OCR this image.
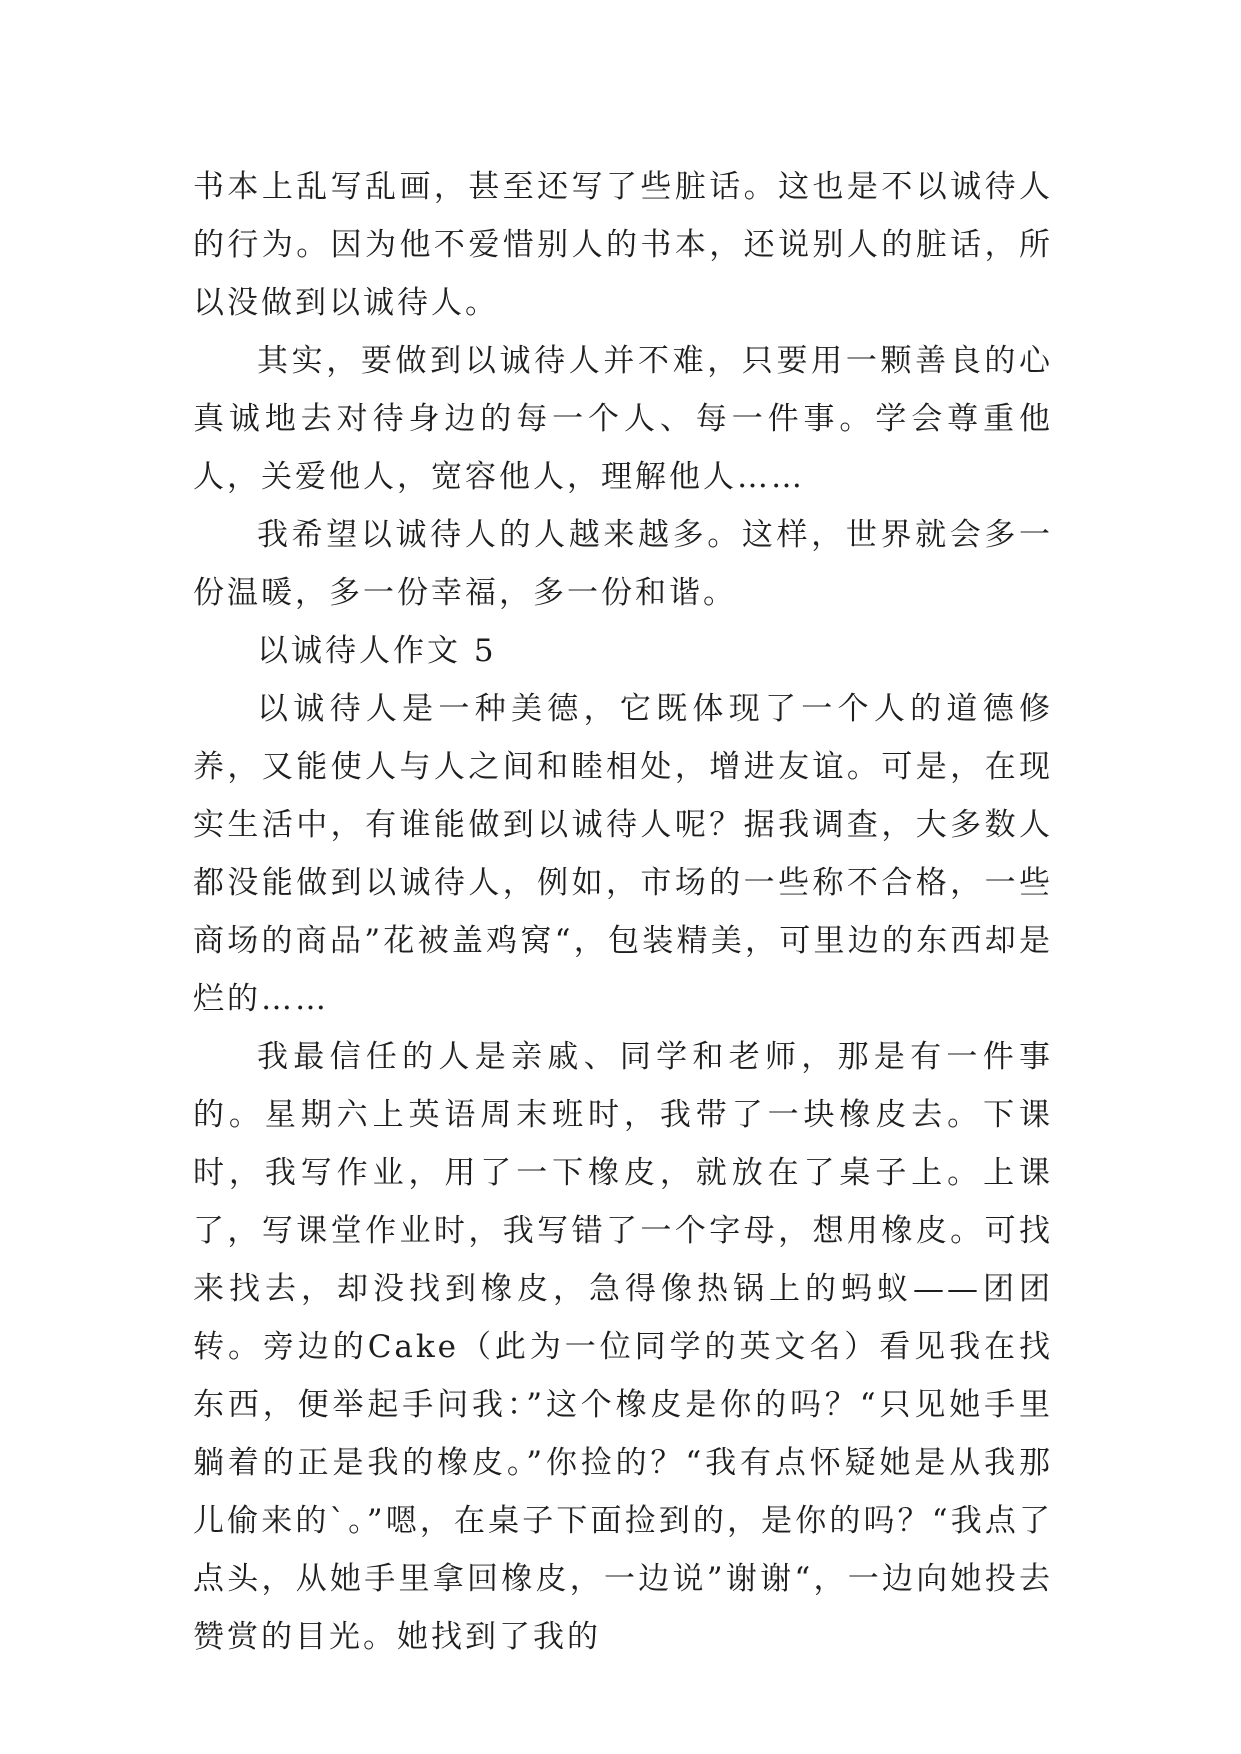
书本上乱写乱画，甚至还写了些脏话。这也是不以诚待人的行为。因为他不爱惜别人的书本，还说别人的脏话，所以没做到以诚待人。

其实，要做到以诚待人并不难，只要用一颗善良的心真诚地去对待身边的每一个人、每一件事。学会尊重他人，关爱他人，宽容他人，理解他人……

我希望以诚待人的人越来越多。这样，世界就会多一份温暖，多一份幸福，多一份和谐。

以诚待人作文 5

以诚待人是一种美德，它既体现了一个人的道德修养，又能使人与人之间和睦相处，增进友谊。可是，在现实生活中，有谁能做到以诚待人呢？据我调查，大多数人都没能做到以诚待人，例如，市场的一些称不合格，一些商场的商品”花被盖鸡窝“，包装精美，可里边的东西却是烂的……

我最信任的人是亲戚、同学和老师，那是有一件事的。星期六上英语周末班时，我带了一块橡皮去。下课时，我写作业，用了一下橡皮，就放在了桌子上。上课了，写课堂作业时，我写错了一个字母，想用橡皮。可找来找去，却没找到橡皮，急得像热锅上的蚂蚁——团团转。旁边的Cake（此为一位同学的英文名）看见我在找东西，便举起手问我：”这个橡皮是你的吗？“只见她手里躺着的正是我的橡皮。”你捡的？“我有点怀疑她是从我那儿偷来的`。”嗯，在桌子下面捡到的，是你的吗？“我点了点头，从她手里拿回橡皮，一边说”谢谢“，一边向她投去赞赏的目光。她找到了我的
